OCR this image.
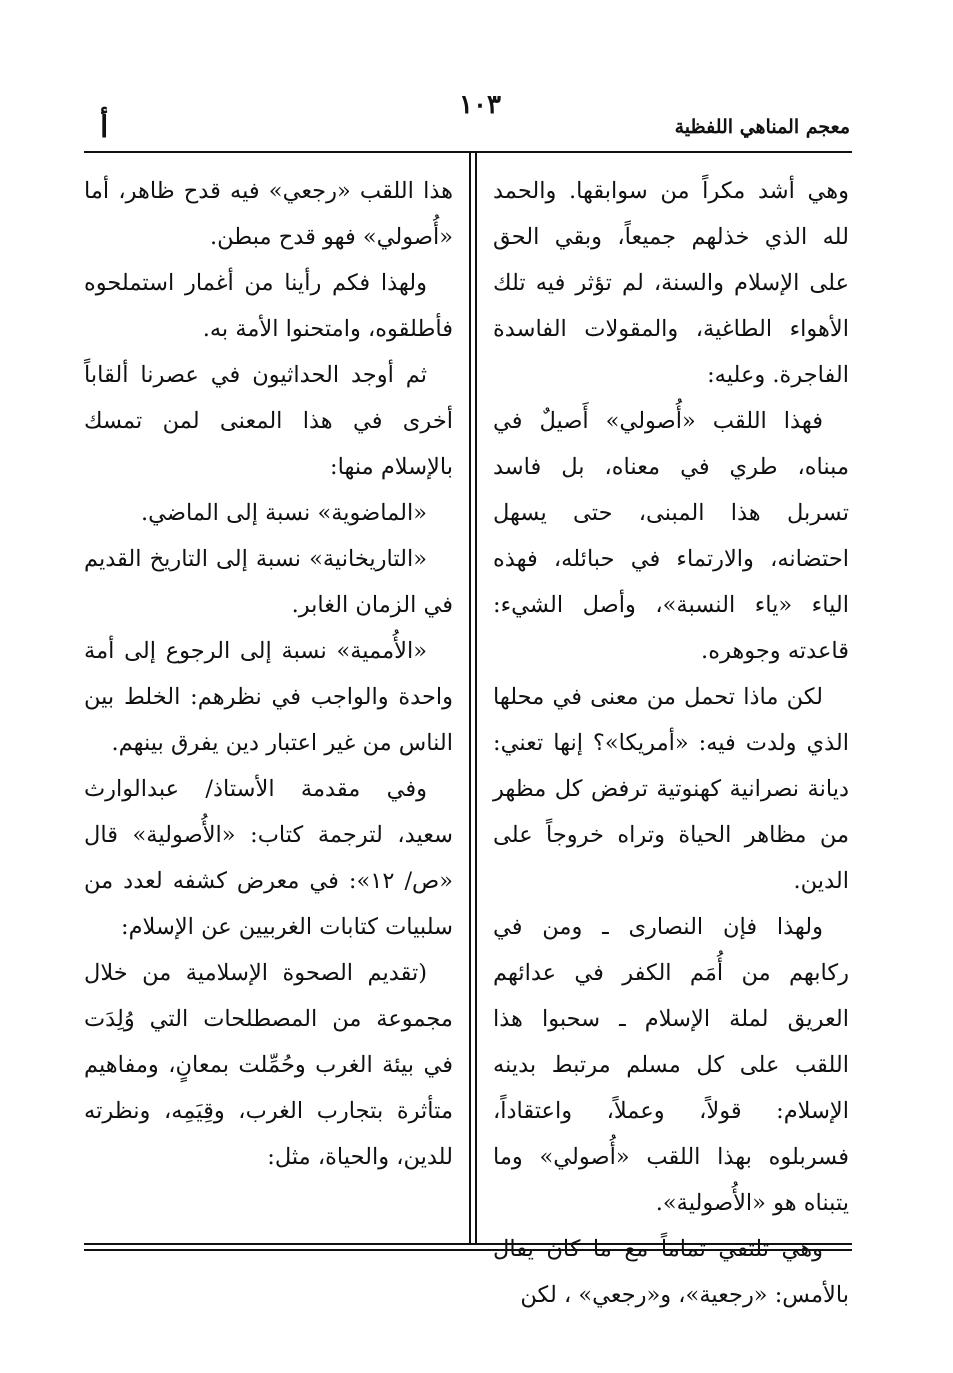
معجم المناهي اللفظية
١٠٣
أ

وهي أشد مكراً من سوابقها. والحمد لله الذي خذلهم جميعاً، وبقي الحق على الإسلام والسنة، لم تؤثر فيه تلك الأهواء الطاغية، والمقولات الفاسدة الفاجرة. وعليه:

فهذا اللقب «أُصولي» أَصيلٌ في مبناه، طري في معناه، بل فاسد تسربل هذا المبنى، حتى يسهل احتضانه، والارتماء في حبائله، فهذه الياء «ياء النسبة»، وأصل الشيء: قاعدته وجوهره.

لكن ماذا تحمل من معنى في محلها الذي ولدت فيه: «أمريكا»؟ إنها تعني: ديانة نصرانية كهنوتية ترفض كل مظهر من مظاهر الحياة وتراه خروجاً على الدين.

ولهذا فإن النصارى ـ ومن في ركابهم من أُمَم الكفر في عدائهم العريق لملة الإسلام ـ سحبوا هذا اللقب على كل مسلم مرتبط بدينه الإسلام: قولاً، وعملاً، واعتقاداً، فسربلوه بهذا اللقب «أُصولي» وما يتبناه هو «الأُصولية».

وهي تلتقي تماماً مع ما كان يقال بالأمس: «رجعية»، و«رجعي» ، لكن

هذا اللقب «رجعي» فيه قدح ظاهر، أما «أُصولي» فهو قدح مبطن.

ولهذا فكم رأينا من أغمار استملحوه فأطلقوه، وامتحنوا الأمة به.

ثم أوجد الحداثيون في عصرنا ألقاباً أخرى في هذا المعنى لمن تمسك بالإسلام منها:

«الماضوية» نسبة إلى الماضي.

«التاريخانية» نسبة إلى التاريخ القديم في الزمان الغابر.

«الأُممية» نسبة إلى الرجوع إلى أمة واحدة والواجب في نظرهم: الخلط بين الناس من غير اعتبار دين يفرق بينهم.

وفي مقدمة الأستاذ/ عبدالوارث سعيد، لترجمة كتاب: «الأُصولية» قال «ص/ ١٢»: في معرض كشفه لعدد من سلبيات كتابات الغربيين عن الإسلام:

(تقديم الصحوة الإسلامية من خلال مجموعة من المصطلحات التي وُلِدَت في بيئة الغرب وحُمِّلت بمعانٍ، ومفاهيم متأثرة بتجارب الغرب، وقِيَمِه، ونظرته للدين، والحياة، مثل:
